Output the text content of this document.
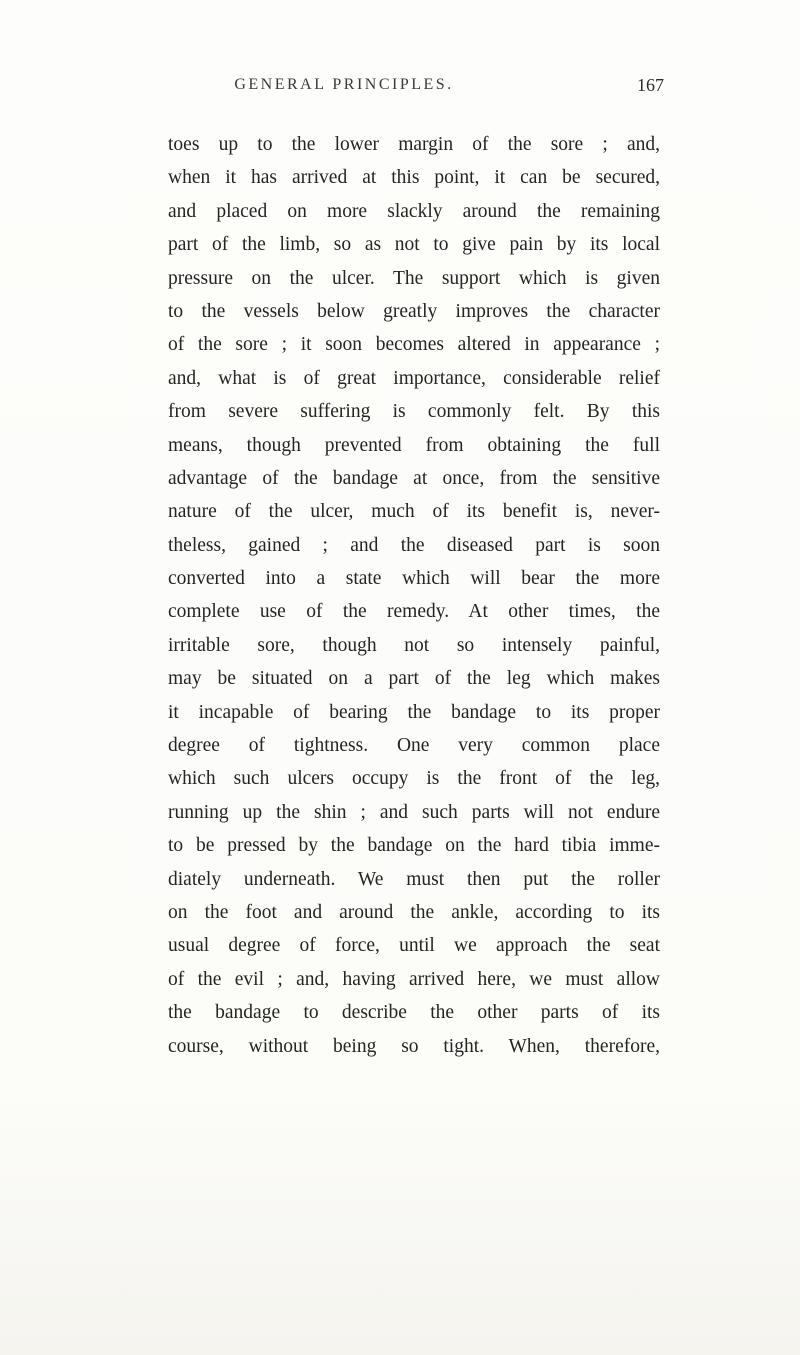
GENERAL PRINCIPLES.	167
toes up to the lower margin of the sore ; and,
when it has arrived at this point, it can be secured,
and placed on more slackly around the remaining
part of the limb, so as not to give pain by its local
pressure on the ulcer. The support which is given
to the vessels below greatly improves the character
of the sore ; it soon becomes altered in appearance ;
and, what is of great importance, considerable relief
from severe suffering is commonly felt. By this
means, though prevented from obtaining the full
advantage of the bandage at once, from the sensitive
nature of the ulcer, much of its benefit is, never-
theless, gained ; and the diseased part is soon
converted into a state which will bear the more
complete use of the remedy. At other times, the
irritable sore, though not so intensely painful,
may be situated on a part of the leg which makes
it incapable of bearing the bandage to its proper
degree of tightness. One very common place
which such ulcers occupy is the front of the leg,
running up the shin ; and such parts will not endure
to be pressed by the bandage on the hard tibia imme-
diately underneath. We must then put the roller
on the foot and around the ankle, according to its
usual degree of force, until we approach the seat
of the evil ; and, having arrived here, we must allow
the bandage to describe the other parts of its
course, without being so tight. When, therefore,
